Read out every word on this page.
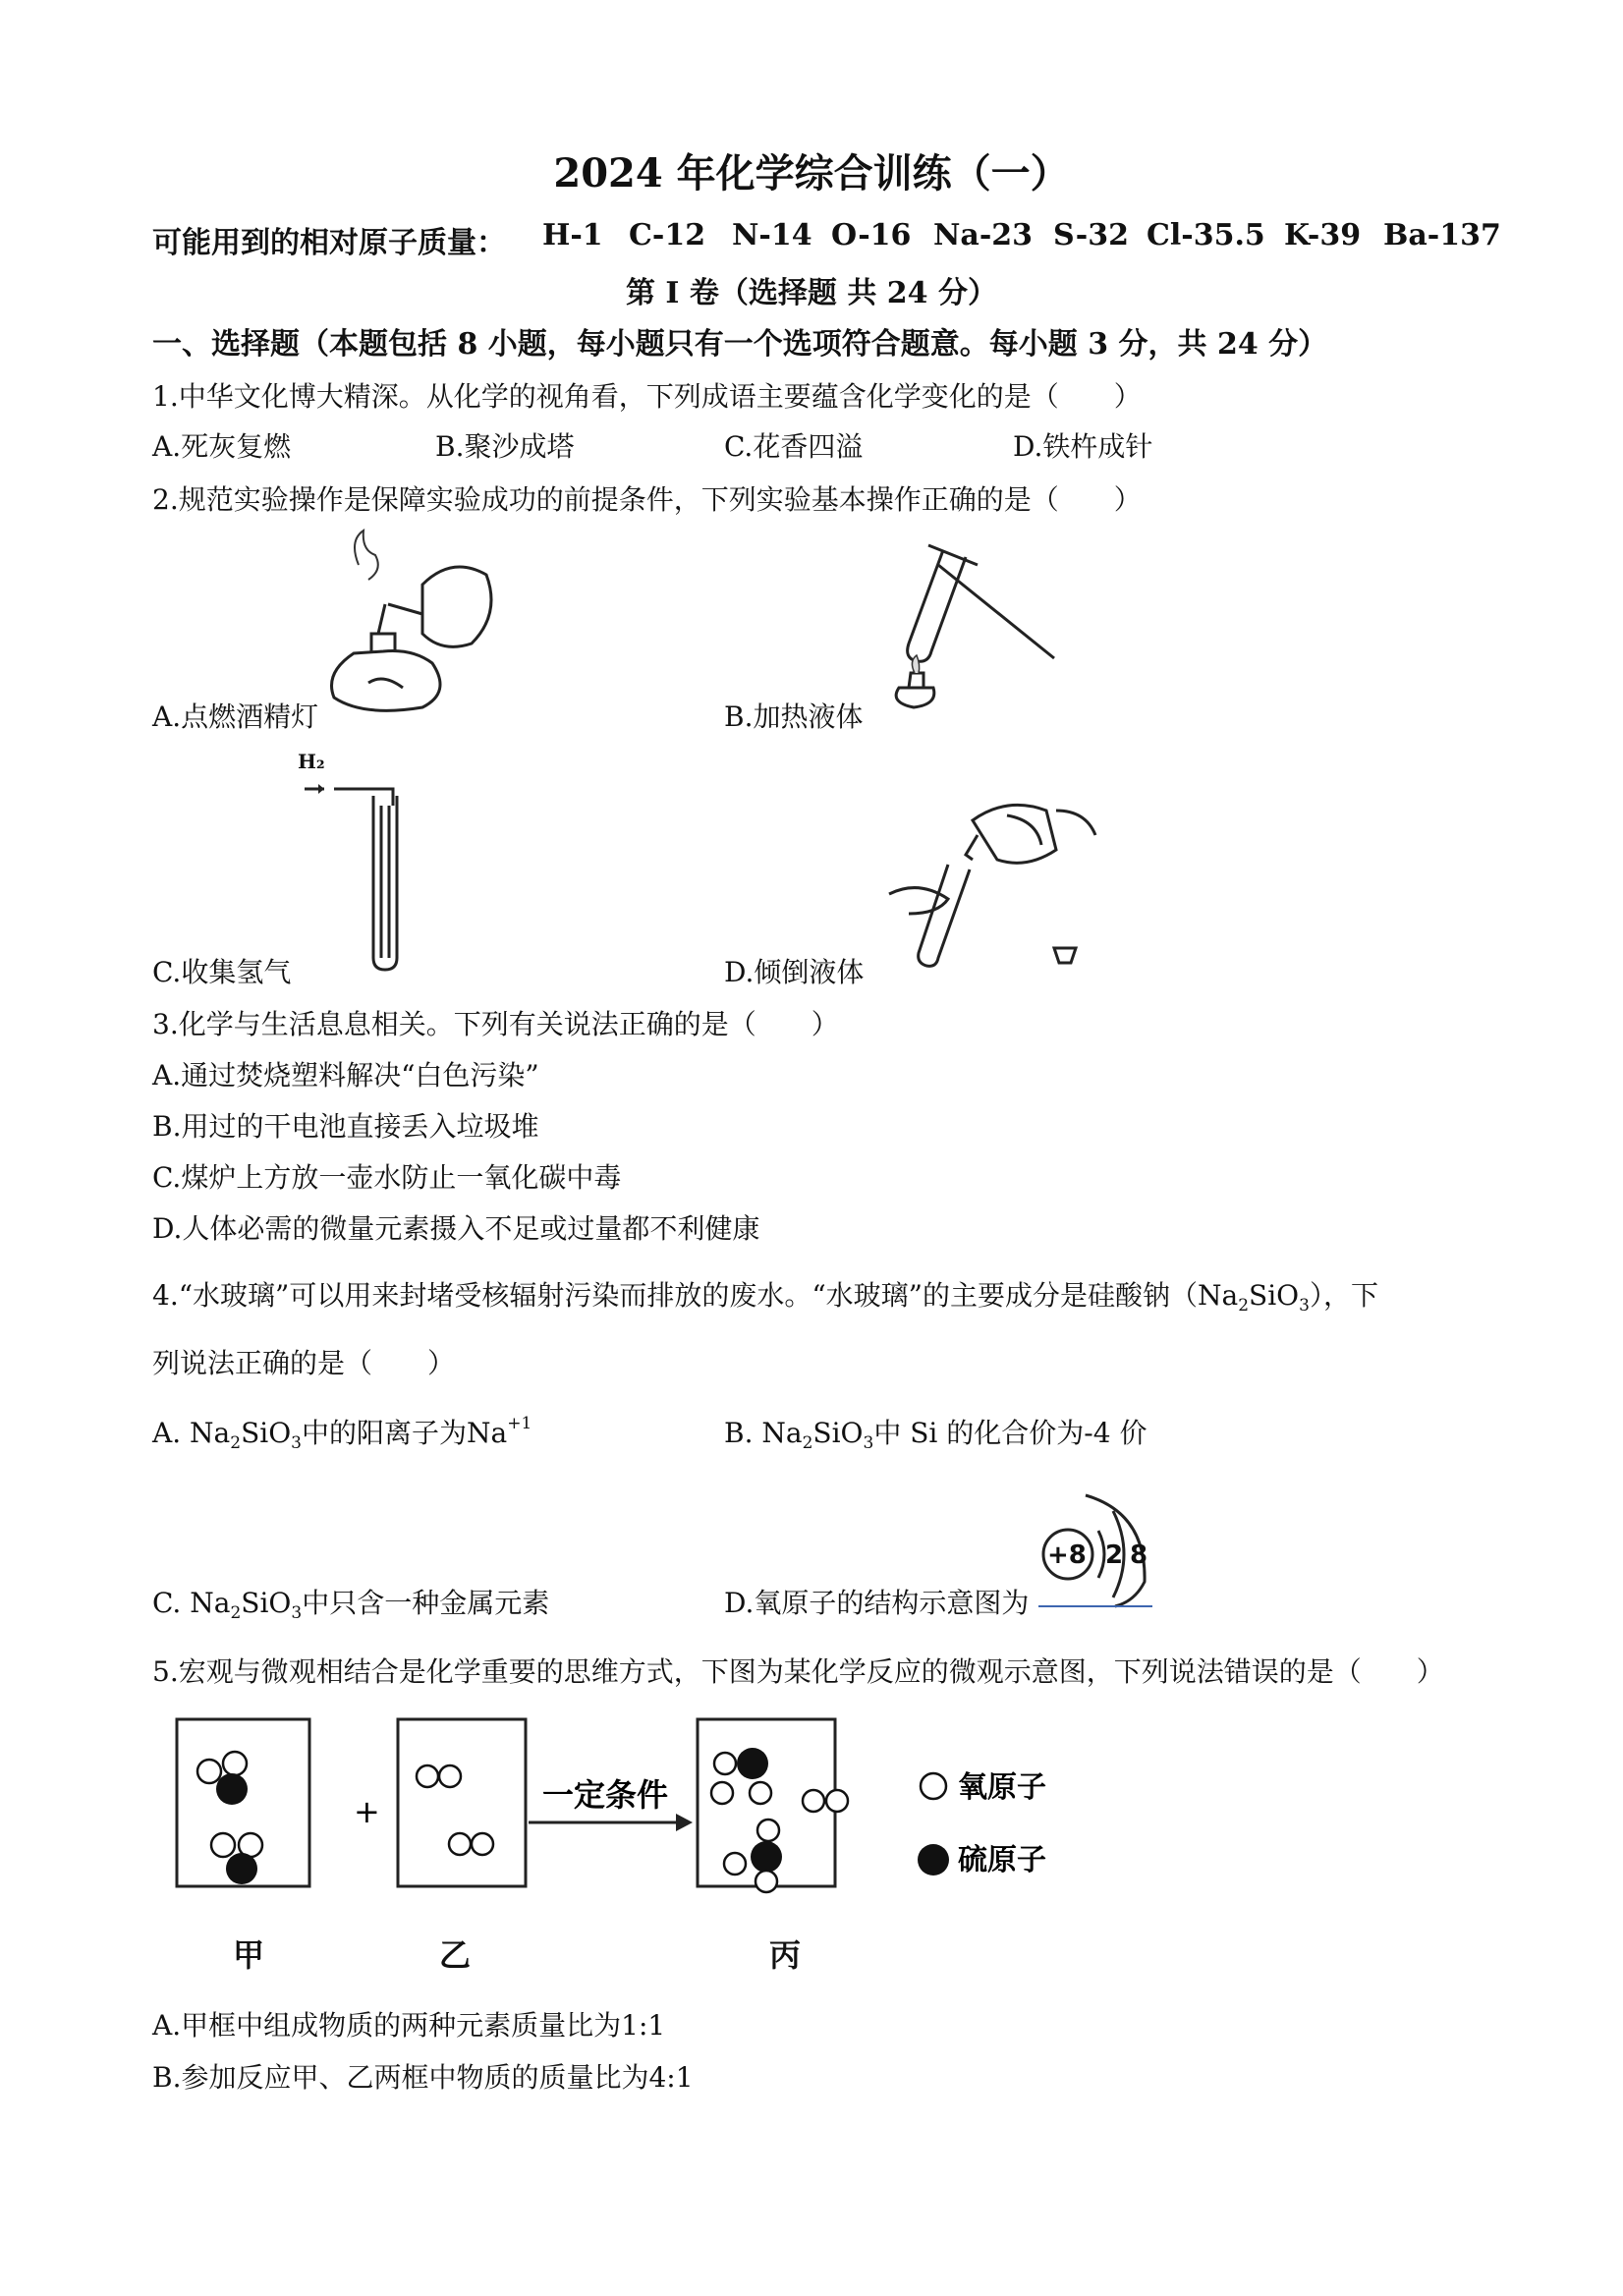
2024 年化学综合训练（一）
可能用到的相对原子质量： H-1 C-12 N-14 O-16 Na-23 S-32 Cl-35.5 K-39 Ba-137
第 I 卷（选择题 共 24 分）
一、选择题（本题包括 8 小题，每小题只有一个选项符合题意。每小题 3 分，共 24 分）
1.中华文化博大精深。从化学的视角看，下列成语主要蕴含化学变化的是（　　）
A.死灰复燃	B.聚沙成塔	C.花香四溢	D.铁杵成针
2.规范实验操作是保障实验成功的前提条件，下列实验基本操作正确的是（　　）
A.点燃酒精灯	B.加热液体
H₂
C.收集氢气	D.倾倒液体
3.化学与生活息息相关。下列有关说法正确的是（　　）
A.通过焚烧塑料解决“白色污染”
B.用过的干电池直接丢入垃圾堆
C.煤炉上方放一壶水防止一氧化碳中毒
D.人体必需的微量元素摄入不足或过量都不利健康
4.“水玻璃”可以用来封堵受核辐射污染而排放的废水。“水玻璃”的主要成分是硅酸钠$(Na_2SiO_3)$，下
列说法正确的是（　　）
A. $Na_2SiO_3$中的阳离子为$Na^{+1}$	B. $Na_2SiO_3$中 Si 的化合价为-4 价
C. $Na_2SiO_3$中只含一种金属元素	D.氧原子的结构示意图为
+8 2 8
5.宏观与微观相结合是化学重要的思维方式，下图为某化学反应的微观示意图，下列说法错误的是（　　）
+	一定条件	氧原子
硫原子
甲	乙	丙
A.甲框中组成物质的两种元素质量比为1:1
B.参加反应甲、乙两框中物质的质量比为4:1
